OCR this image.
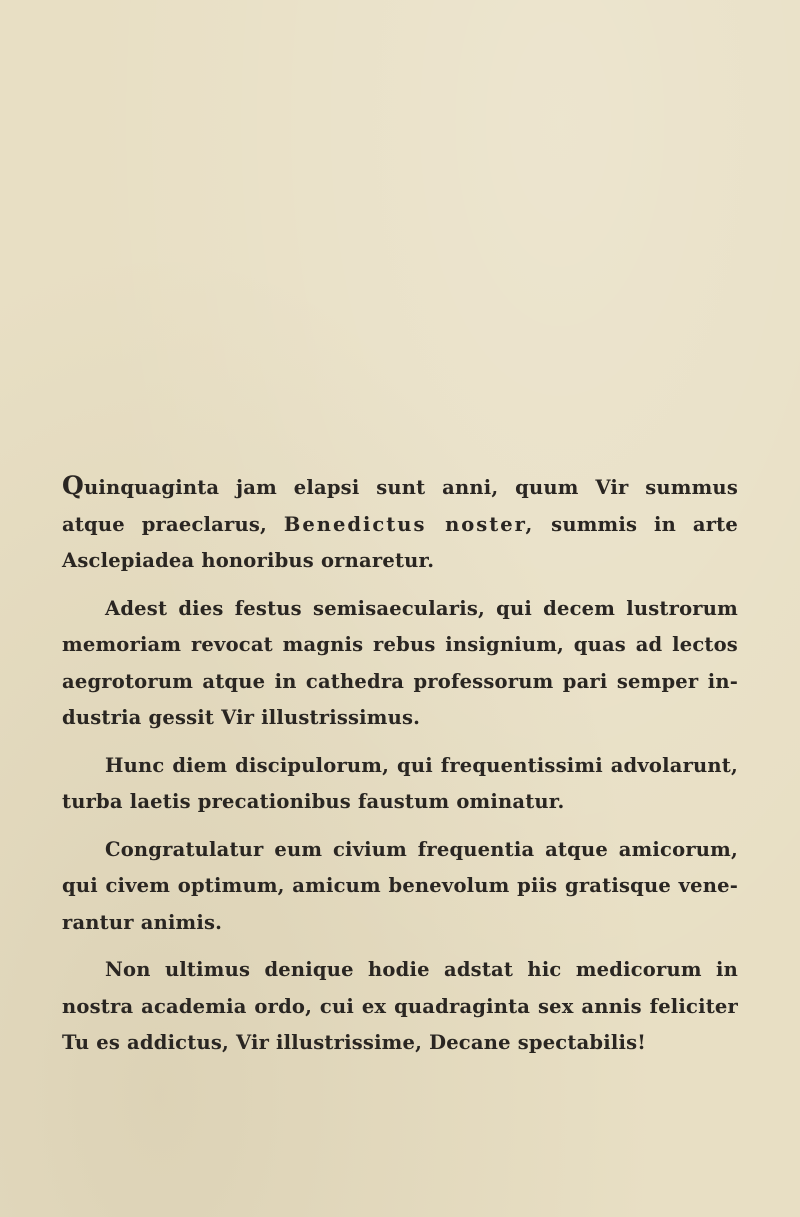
Quinquaginta jam elapsi sunt anni, quum Vir summus atque praeclarus, Benedictus noster, summis in arte Asclepiadea honoribus ornaretur.

Adest dies festus semisaecularis, qui decem lustrorum memoriam revocat magnis rebus insignium, quas ad lectos aegrotorum atque in cathedra professorum pari semper in- dustria gessit Vir illustrissimus.

Hunc diem discipulorum, qui frequentissimi advolarunt, turba laetis precationibus faustum ominatur.

Congratulatur eum civium frequentia atque amicorum, qui civem optimum, amicum benevolum piis gratisque vene- rantur animis.

Non ultimus denique hodie adstat hic medicorum in nostra academia ordo, cui ex quadraginta sex annis feliciter Tu es addictus, Vir illustrissime, Decane spectabilis!
